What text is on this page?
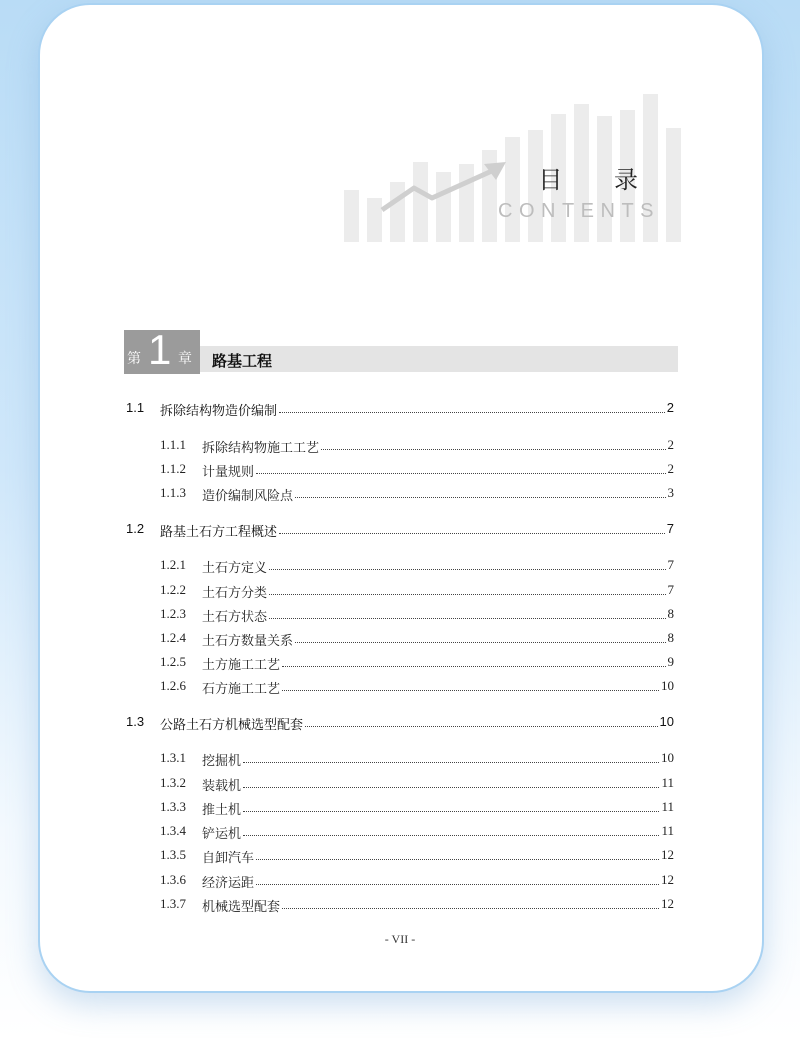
目 录
CONTENTS
第 1 章 路基工程
1.1 拆除结构物造价编制	2
1.1.1 拆除结构物施工工艺	2
1.1.2 计量规则	2
1.1.3 造价编制风险点	3
1.2 路基土石方工程概述	7
1.2.1 土石方定义	7
1.2.2 土石方分类	7
1.2.3 土石方状态	8
1.2.4 土石方数量关系	8
1.2.5 土方施工工艺	9
1.2.6 石方施工工艺	10
1.3 公路土石方机械选型配套	10
1.3.1 挖掘机	10
1.3.2 装载机	11
1.3.3 推土机	11
1.3.4 铲运机	11
1.3.5 自卸汽车	12
1.3.6 经济运距	12
1.3.7 机械选型配套	12
- VII -
